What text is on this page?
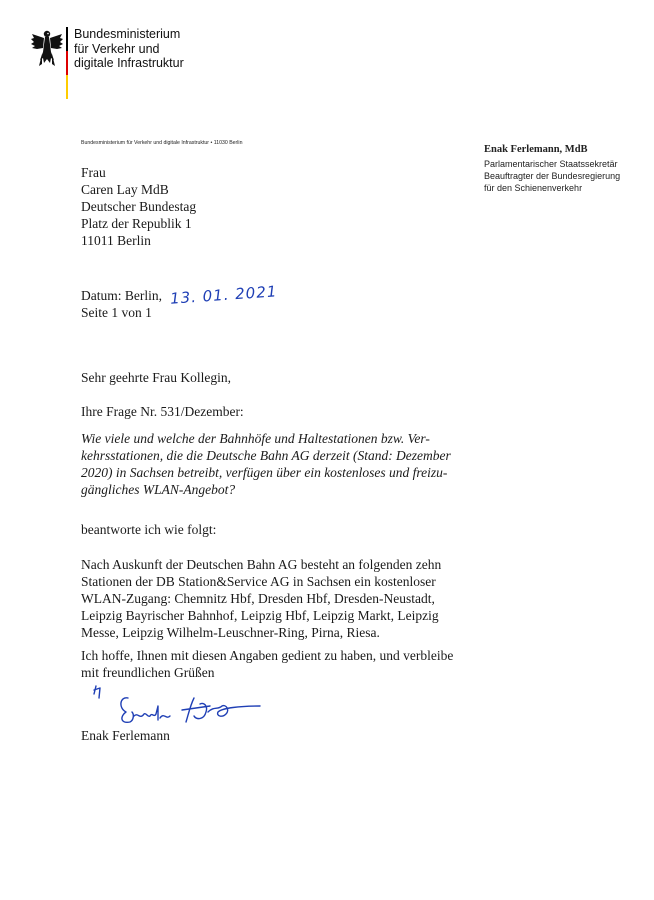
Bundesministerium
für Verkehr und
digitale Infrastruktur
Bundesministerium für Verkehr und digitale Infrastruktur • 11030 Berlin
Enak Ferlemann, MdB
Parlamentarischer Staatssekretär
Beauftragter der Bundesregierung
für den Schienenverkehr
Frau
Caren Lay MdB
Deutscher Bundestag
Platz der Republik 1
11011 Berlin
Datum: Berlin, 13. 01. 2021
Seite 1 von 1
Sehr geehrte Frau Kollegin,
Ihre Frage Nr. 531/Dezember:
Wie viele und welche der Bahnhöfe und Haltestationen bzw. Ver-
kehrsstationen, die die Deutsche Bahn AG derzeit (Stand: Dezember
2020) in Sachsen betreibt, verfügen über ein kostenloses und freizu-
gängliches WLAN-Angebot?
beantworte ich wie folgt:
Nach Auskunft der Deutschen Bahn AG besteht an folgenden zehn
Stationen der DB Station&Service AG in Sachsen ein kostenloser
WLAN-Zugang: Chemnitz Hbf, Dresden Hbf, Dresden-Neustadt,
Leipzig Bayrischer Bahnhof, Leipzig Hbf, Leipzig Markt, Leipzig
Messe, Leipzig Wilhelm-Leuschner-Ring, Pirna, Riesa.
Ich hoffe, Ihnen mit diesen Angaben gedient zu haben, und verbleibe
mit freundlichen Grüßen
Enak Ferlemann
